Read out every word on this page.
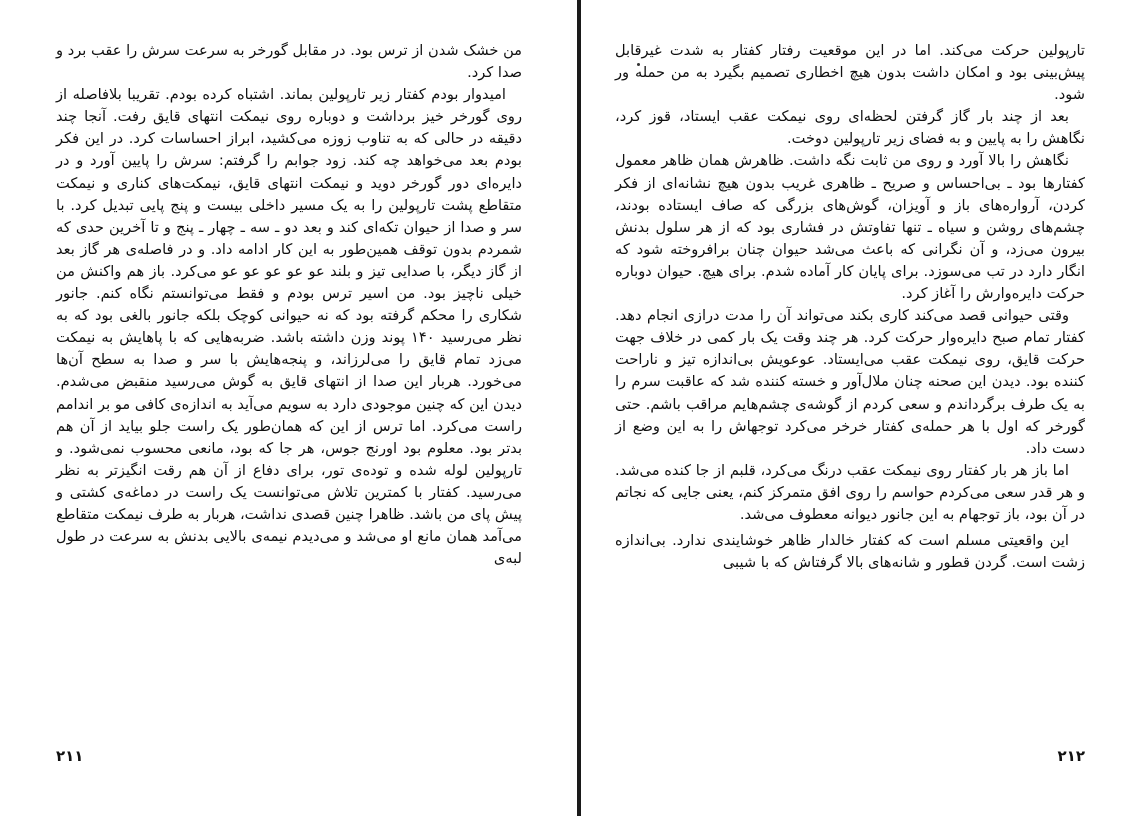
من خشک شدن از ترس بود. در مقابل گورخر به سرعت سرش را عقب برد و صدا کرد.

امیدوار بودم کفتار زیر تارپولین بماند. اشتباه کرده بودم. تقریبا بلافاصله از روی گورخر خیز برداشت و دوباره روی نیمکت انتهای قایق رفت. آنجا چند دقیقه در حالی که به تناوب زوزه می‌کشید، ابراز احساسات کرد. در این فکر بودم بعد می‌خواهد چه کند. زود جوابم را گرفتم: سرش را پایین آورد و در دایره‌ای دور گورخر دوید و نیمکت انتهای قایق، نیمکت‌های کناری و نیمکت متقاطع پشت تارپولین را به یک مسیر داخلی بیست و پنج پایی تبدیل کرد. با سر و صدا از حیوان تکه‌ای کند و بعد دو ـ سه ـ چهار ـ پنج و تا آخرین حدی که شمردم بدون توقف همین‌طور به این کار ادامه داد. و در فاصله‌ی هر گاز بعد از گاز دیگر، با صدایی تیز و بلند عو عو عو عو عو می‌کرد. باز هم واکنش من خیلی ناچیز بود. من اسیر ترس بودم و فقط می‌توانستم نگاه کنم. جانور شکاری را محکم گرفته بود که نه حیوانی کوچک بلکه جانور بالغی بود که به نظر می‌رسید ۱۴۰ پوند وزن داشته باشد. ضربه‌هایی که با پاهایش به نیمکت می‌زد تمام قایق را می‌لرزاند، و پنجه‌هایش با سر و صدا به سطح آن‌ها می‌خورد. هربار این صدا از انتهای قایق به گوش می‌رسید منقبض می‌شدم. دیدن این که چنین موجودی دارد به سویم می‌آید به اندازه‌ی کافی مو بر اندامم راست می‌کرد. اما ترس از این که همان‌طور یک راست جلو بیاید از آن هم بدتر بود. معلوم بود اورنج جوس، هر جا که بود، مانعی محسوب نمی‌شود. و تارپولین لوله شده و توده‌ی تور، برای دفاع از آن هم رقت انگیزتر به نظر می‌رسید. کفتار با کمترین تلاش می‌توانست یک راست در دماغه‌ی کشتی و پیش پای من باشد. ظاهرا چنین قصدی نداشت، هربار به طرف نیمکت متقاطع می‌آمد همان مانع او می‌شد و می‌دیدم نیمه‌ی بالایی بدنش به سرعت در طول لبه‌ی

۲۱۱

تارپولین حرکت می‌کند. اما در این موقعیت رفتار کفتار به شدت غیرقابل پیش‌بینی بود و امکان داشت بدون هیچ اخطاری تصمیم بگیرد به من حمله ور شود.

بعد از چند بار گاز گرفتن لحظه‌ای روی نیمکت عقب ایستاد، قوز کرد، نگاهش را به پایین و به فضای زیر تارپولین دوخت.

نگاهش را بالا آورد و روی من ثابت نگه داشت. ظاهرش همان ظاهر معمول کفتارها بود ـ بی‌احساس و صریح ـ ظاهری غریب بدون هیچ نشانه‌ای از فکر کردن، آرواره‌های باز و آویزان، گوش‌های بزرگی که صاف ایستاده بودند، چشم‌های روشن و سیاه ـ تنها تفاوتش در فشاری بود که از هر سلول بدنش بیرون می‌زد، و آن نگرانی که باعث می‌شد حیوان چنان برافروخته شود که انگار دارد در تب می‌سوزد. برای پایان کار آماده شدم. برای هیچ. حیوان دوباره حرکت دایره‌وارش را آغاز کرد.

وقتی حیوانی قصد می‌کند کاری بکند می‌تواند آن را مدت درازی انجام دهد. کفتار تمام صبح دایره‌وار حرکت کرد. هر چند وقت یک بار کمی در خلاف جهت حرکت قایق، روی نیمکت عقب می‌ایستاد. عوعویش بی‌اندازه تیز و ناراحت کننده بود. دیدن این صحنه چنان ملال‌آور و خسته کننده شد که عاقبت سرم را به یک طرف برگرداندم و سعی کردم از گوشه‌ی چشم‌هایم مراقب باشم. حتی گورخر که اول با هر حمله‌ی کفتار خرخر می‌کرد توجهاش را به این وضع از دست داد.

اما باز هر بار کفتار روی نیمکت عقب درنگ می‌کرد، قلبم از جا کنده می‌شد. و هر قدر سعی می‌کردم حواسم را روی افق متمرکز کنم، یعنی جایی که نجاتم در آن بود، باز توجهام به این جانور دیوانه معطوف می‌شد.

این واقعیتی مسلم است که کفتار خالدار ظاهر خوشایندی ندارد. بی‌اندازه زشت است. گردن قطور و شانه‌های بالا گرفتاش که با شیبی

۲۱۲
